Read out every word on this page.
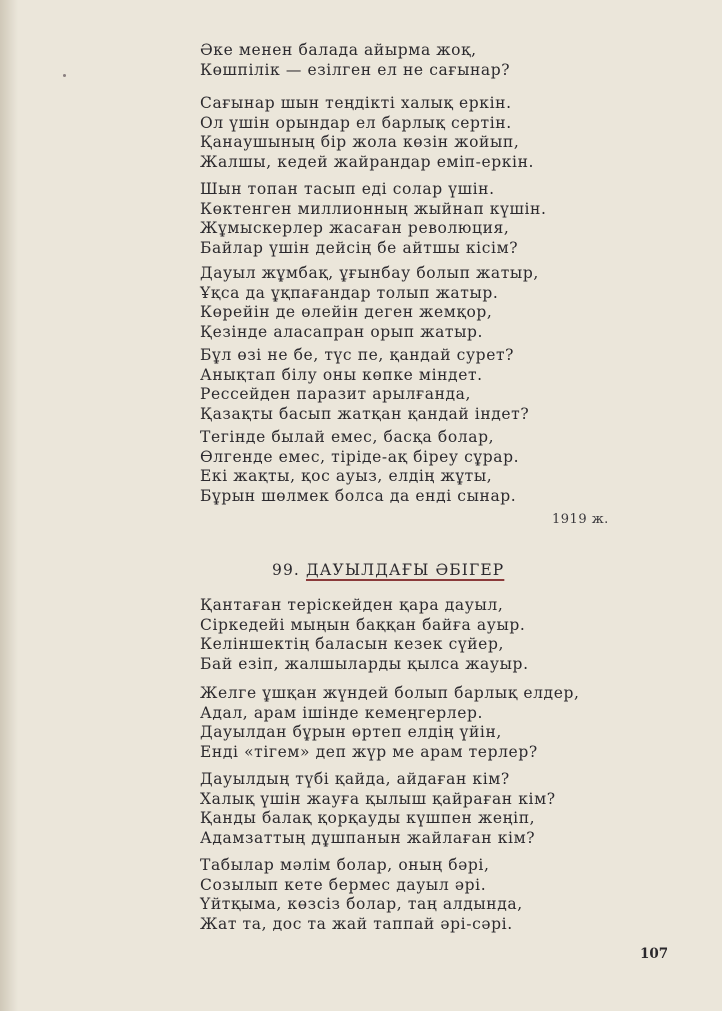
Әке менен балада айырма жоқ,
Көшпілік — езілген ел не сағынар?
Сағынар шын теңдікті халық еркін.
Ол үшін орындар ел барлық сертін.
Қанаушының бір жола көзін жойып,
Жалшы, кедей жайрандар еміп-еркін.
Шын топан тасып еді солар үшін.
Көктенген миллионның жыйнап күшін.
Жұмыскерлер жасаған революция,
Байлар үшін дейсің бе айтшы кісім?
Дауыл жұмбақ, ұғынбау болып жатыр,
Ұқса да ұқпағандар толып жатыр.
Көрейін де өлейін деген жемқор,
Қезінде аласапран орып жатыр.
Бұл өзі не бе, түс пе, қандай сурет?
Анықтап білу оны көпке міндет.
Рессейден паразит арылғанда,
Қазақты басып жатқан қандай індет?
Тегінде былай емес, басқа болар,
Өлгенде емес, тіріде-ақ біреу сұрар.
Екі жақты, қос ауыз, елдің жұты,
Бұрын шөлмек болса да енді сынар.
1919 ж.
99. ДАУЫЛДАҒЫ ӘБІГЕР
Қантаған теріскейден қара дауыл,
Сіркедейі мыңын баққан байға ауыр.
Келіншектің баласын кезек сүйер,
Бай езіп, жалшыларды қылса жауыр.
Желге ұшқан жүндей болып барлық елдер,
Адал, арам ішінде кемеңгерлер.
Дауылдан бұрын өртеп елдің үйін,
Енді «тігем» деп жүр ме арам терлер?
Дауылдың түбі қайда, айдаған кім?
Халық үшін жауға қылыш қайраған кім?
Қанды балақ қорқауды күшпен жеңіп,
Адамзаттың дұшпанын жайлаған кім?
Табылар мәлім болар, оның бәрі,
Созылып кете бермес дауыл әрі.
Үйтқыма, көзсіз болар, таң алдында,
Жат та, дос та жай таппай әрі-сәрі.
107
